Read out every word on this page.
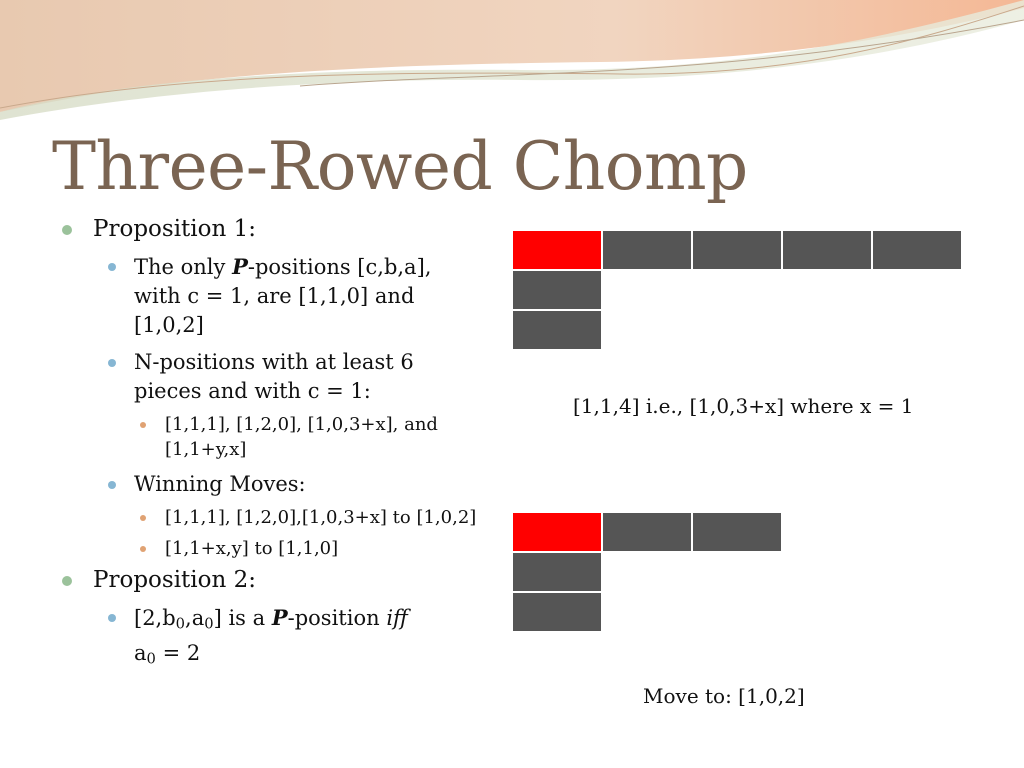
Three-Rowed Chomp
Proposition 1:
The only P-positions [c,b,a], with c = 1, are [1,1,0] and [1,0,2]
N-positions with at least 6 pieces and with c = 1:
[1,1,1], [1,2,0], [1,0,3+x], and [1,1+y,x]
Winning Moves:
[1,1,1], [1,2,0],[1,0,3+x] to [1,0,2]
[1,1+x,y] to [1,1,0]
Proposition 2:
$[2,b_0,a_0]$ is a P-position iff
$a_0 = 2$
[1,1,4] i.e., [1,0,3+x] where x = 1
Move to: [1,0,2]
